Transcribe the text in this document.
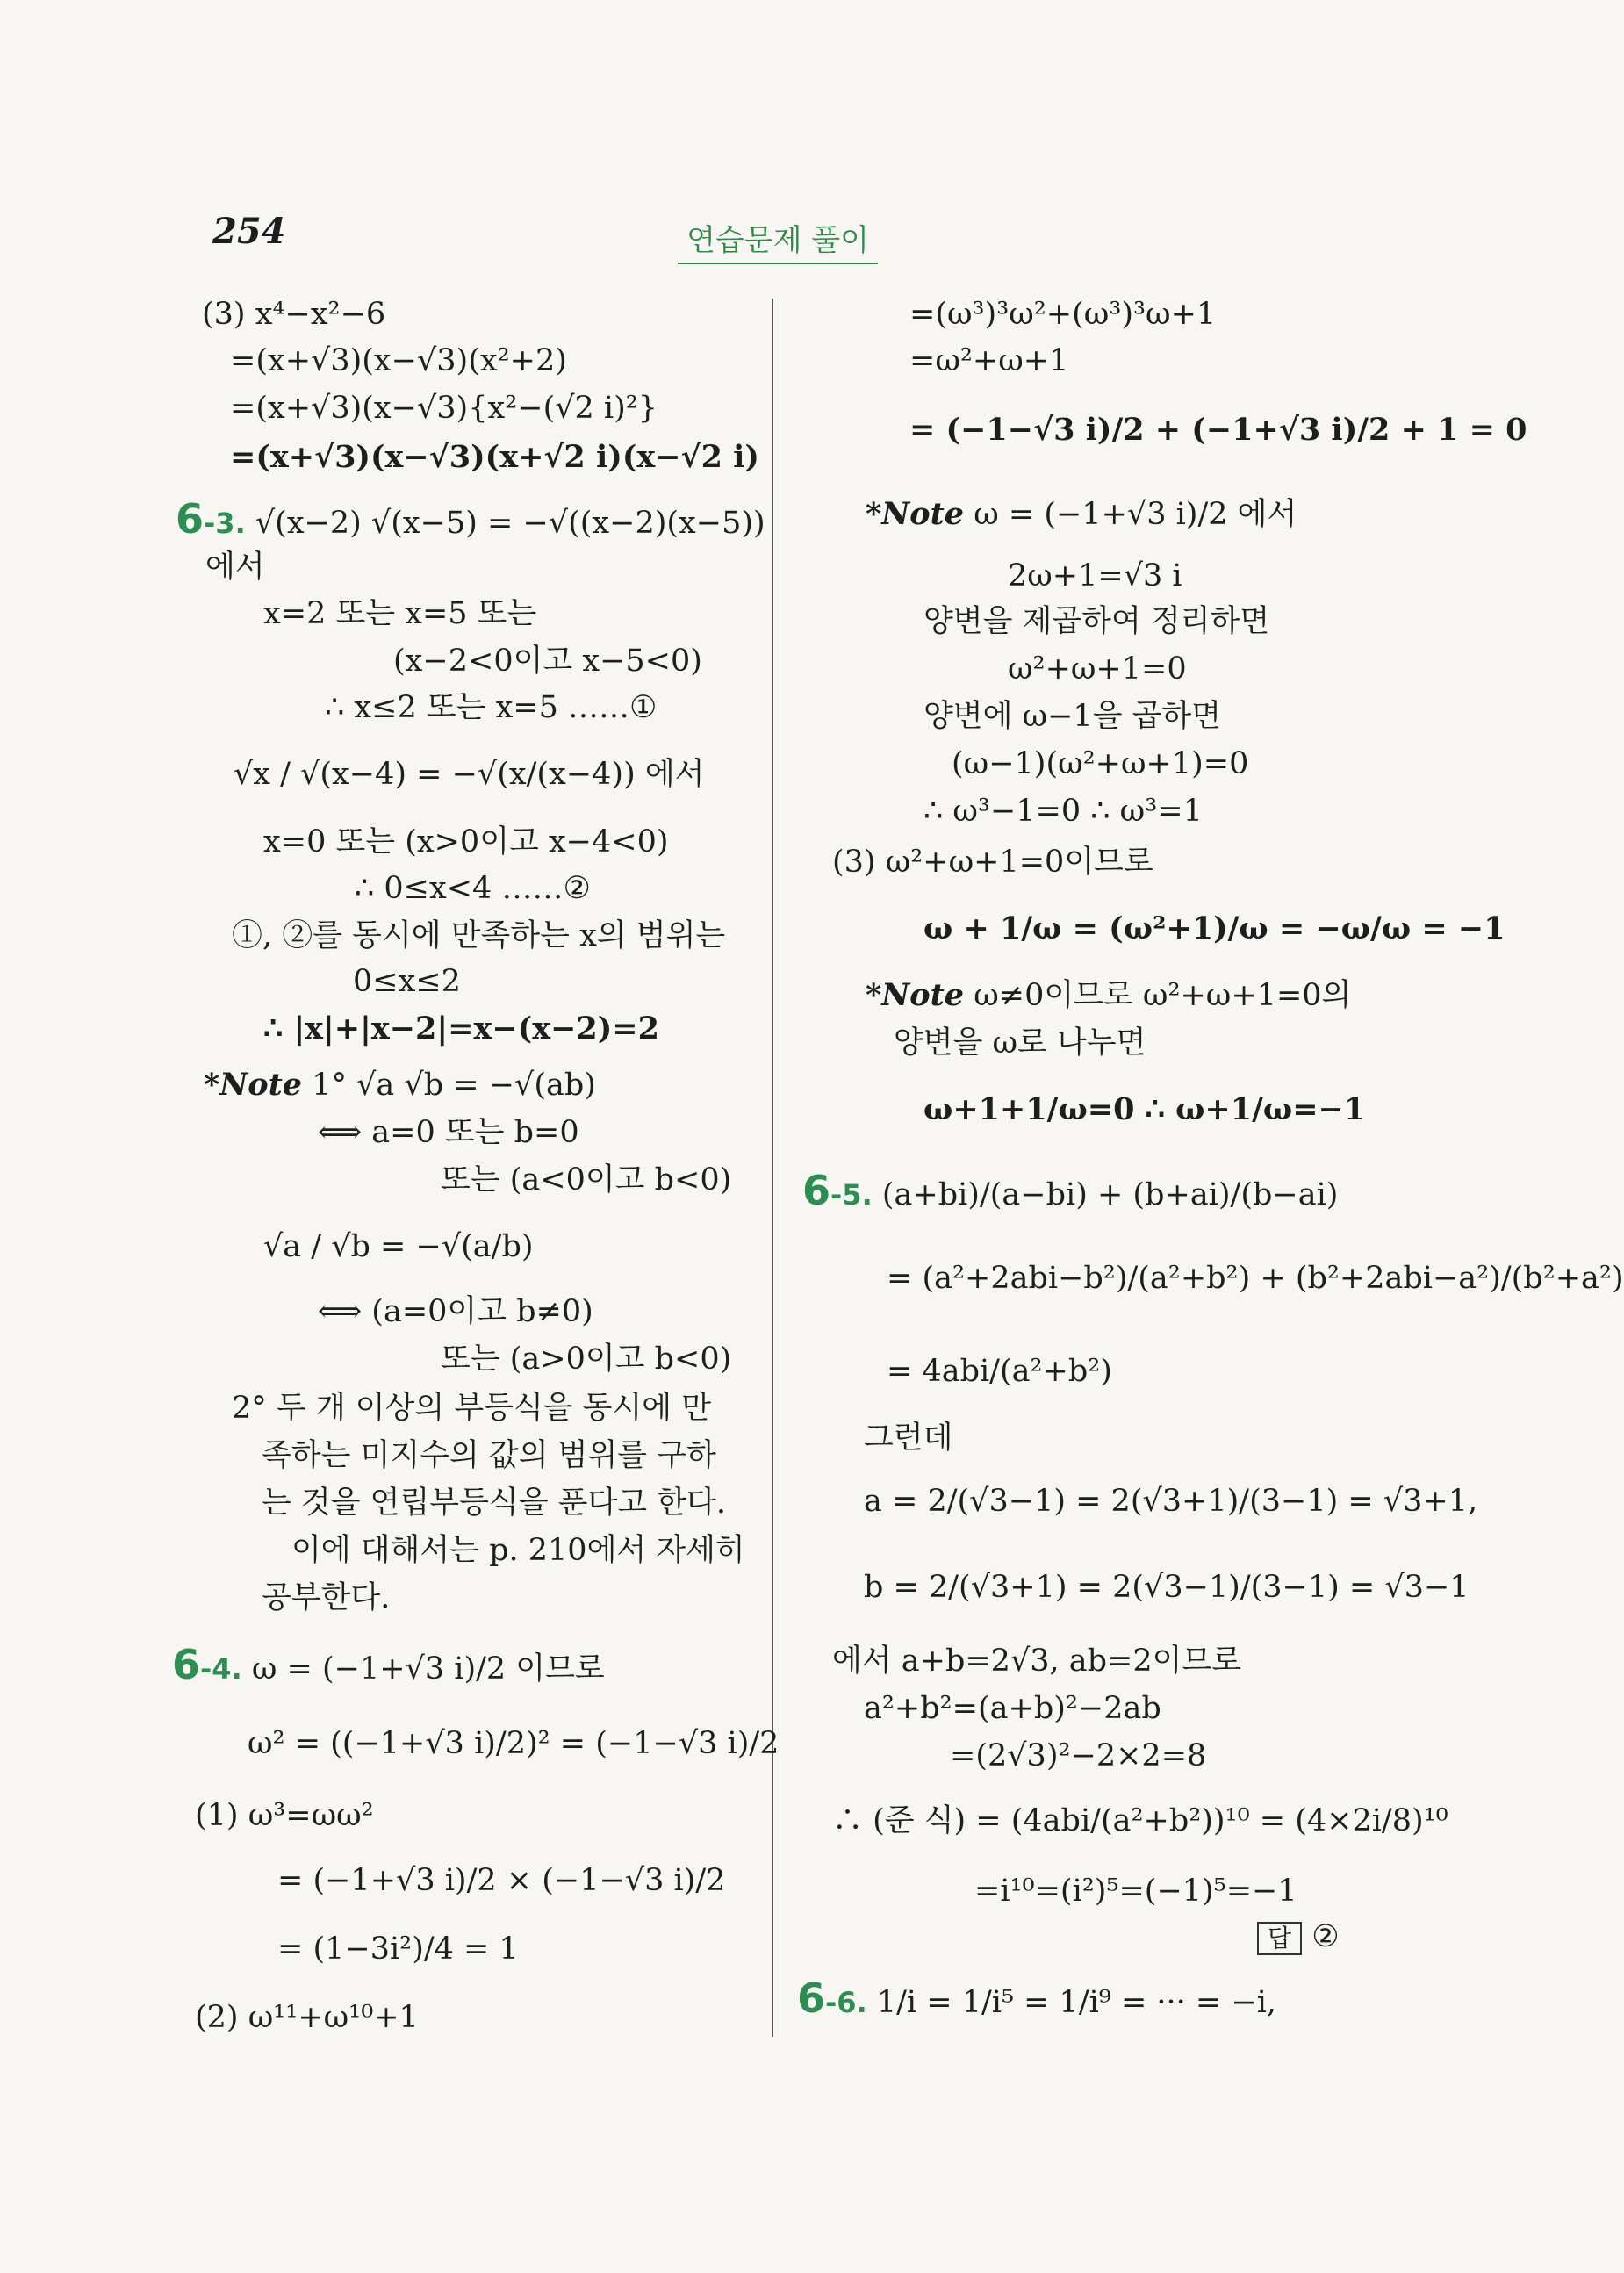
254	연습문제 풀이
(3) x⁴−x²−6
=(x+√3)(x−√3)(x²+2)
=(x+√3)(x−√3){x²−(√2 i)²}
=(x+√3)(x−√3)(x+√2 i)(x−√2 i)
6-3. √(x−2) √(x−5) = −√((x−2)(x−5))
에서
x=2 또는 x=5 또는
(x−2<0이고 x−5<0)
∴ x≤2 또는 x=5 ……①
√x / √(x−4) = −√(x/(x−4)) 에서
x=0 또는 (x>0이고 x−4<0)
∴ 0≤x<4 ……②
①, ②를 동시에 만족하는 x의 범위는
0≤x≤2
∴ |x|+|x−2|=x−(x−2)=2
*Note 1° √a √b = −√(ab)
⟺ a=0 또는 b=0
또는 (a<0이고 b<0)
√a / √b = −√(a/b)
⟺ (a=0이고 b≠0)
또는 (a>0이고 b<0)
2° 두 개 이상의 부등식을 동시에 만
족하는 미지수의 값의 범위를 구하
는 것을 연립부등식을 푼다고 한다.
이에 대해서는 p. 210에서 자세히
공부한다.
6-4. ω = (−1+√3 i)/2 이므로
ω² = ((−1+√3 i)/2)² = (−1−√3 i)/2
(1) ω³=ωω²
= (−1+√3 i)/2 × (−1−√3 i)/2
= (1−3i²)/4 = 1
(2) ω¹¹+ω¹⁰+1
=(ω³)³ω²+(ω³)³ω+1
=ω²+ω+1
= (−1−√3 i)/2 + (−1+√3 i)/2 + 1 = 0
*Note ω = (−1+√3 i)/2 에서
2ω+1=√3 i
양변을 제곱하여 정리하면
ω²+ω+1=0
양변에 ω−1을 곱하면
(ω−1)(ω²+ω+1)=0
∴ ω³−1=0 ∴ ω³=1
(3) ω²+ω+1=0이므로
ω + 1/ω = (ω²+1)/ω = −ω/ω = −1
*Note ω≠0이므로 ω²+ω+1=0의
양변을 ω로 나누면
ω+1+1/ω=0 ∴ ω+1/ω=−1
6-5. (a+bi)/(a−bi) + (b+ai)/(b−ai)
= (a²+2abi−b²)/(a²+b²) + (b²+2abi−a²)/(b²+a²)
= 4abi/(a²+b²)
그런데
a = 2/(√3−1) = 2(√3+1)/(3−1) = √3+1,
b = 2/(√3+1) = 2(√3−1)/(3−1) = √3−1
에서 a+b=2√3, ab=2이므로
a²+b²=(a+b)²−2ab
=(2√3)²−2×2=8
∴ (준 식) = (4abi/(a²+b²))¹⁰ = (4×2i/8)¹⁰
=i¹⁰=(i²)⁵=(−1)⁵=−1
답 ②
6-6. 1/i = 1/i⁵ = 1/i⁹ = ··· = −i,
